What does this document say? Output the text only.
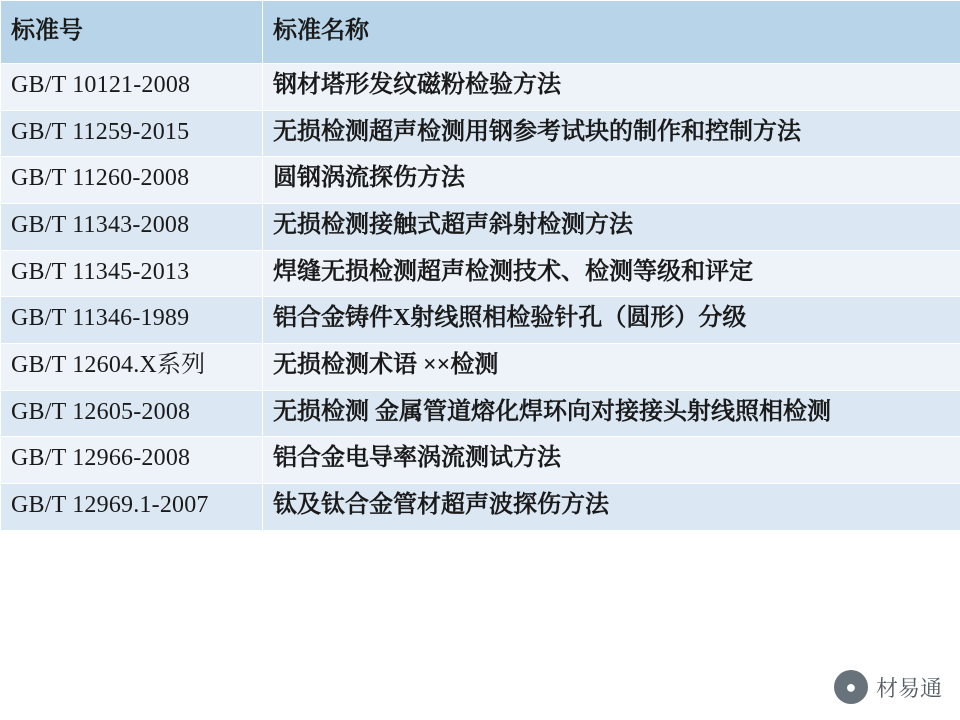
标准号	标准名称
GB/T 10121-2008	钢材塔形发纹磁粉检验方法
GB/T 11259-2015	无损检测超声检测用钢参考试块的制作和控制方法
GB/T 11260-2008	圆钢涡流探伤方法
GB/T 11343-2008	无损检测接触式超声斜射检测方法
GB/T 11345-2013	焊缝无损检测超声检测技术、检测等级和评定
GB/T 11346-1989	铝合金铸件X射线照相检验针孔（圆形）分级
GB/T 12604.X系列	无损检测术语 ××检测
GB/T 12605-2008	无损检测 金属管道熔化焊环向对接接头射线照相检测
GB/T 12966-2008	铝合金电导率涡流测试方法
GB/T 12969.1-2007	钛及钛合金管材超声波探伤方法
● 材易通
